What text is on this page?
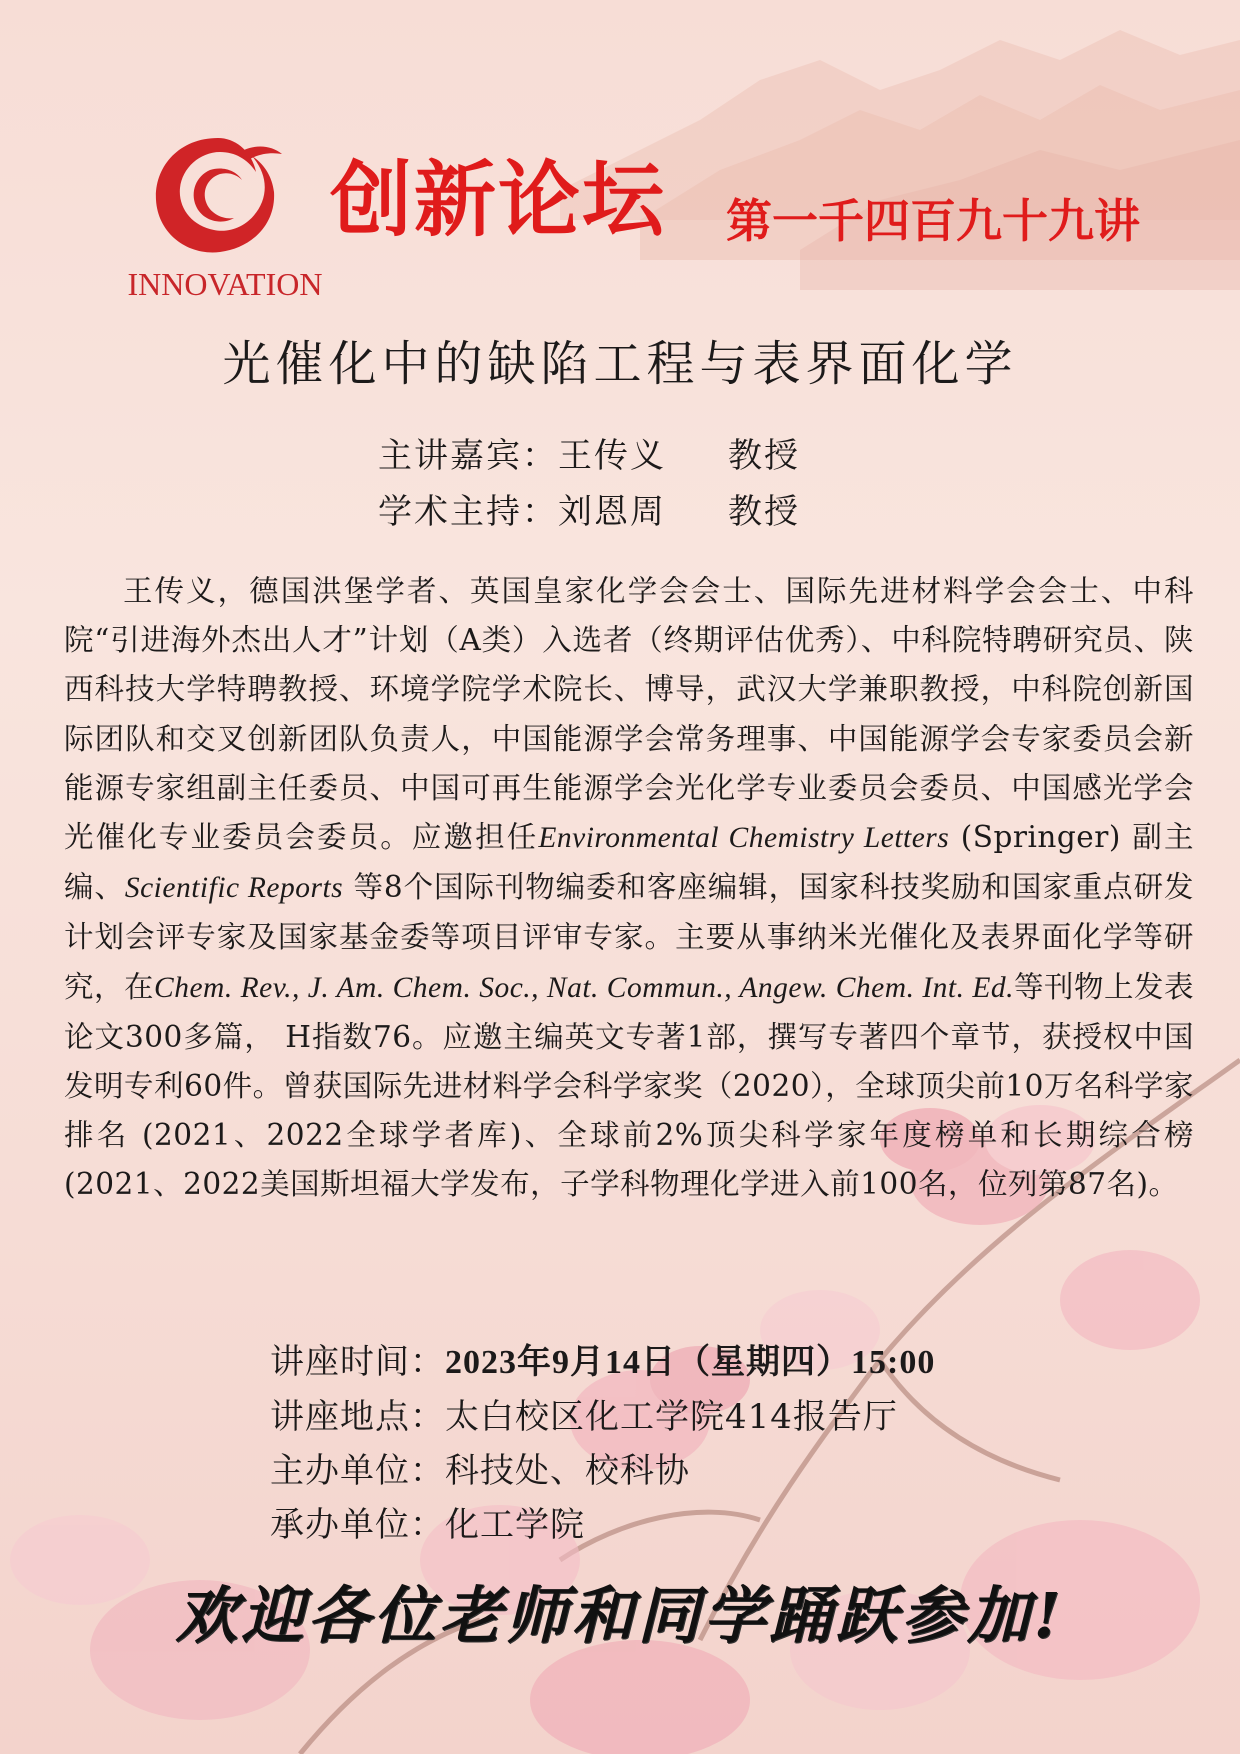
INNOVATION
创新论坛 第一千四百九十九讲
光催化中的缺陷工程与表界面化学
主讲嘉宾：王传义 教授
学术主持：刘恩周 教授

王传义，德国洪堡学者、英国皇家化学会会士、国际先进材料学会会士、中科院“引进海外杰出人才”计划（A类）入选者（终期评估优秀）、中科院特聘研究员、陕西科技大学特聘教授、环境学院学术院长、博导，武汉大学兼职教授，中科院创新国际团队和交叉创新团队负责人，中国能源学会常务理事、中国能源学会专家委员会新能源专家组副主任委员、中国可再生能源学会光化学专业委员会委员、中国感光学会光催化专业委员会委员。应邀担任Environmental Chemistry Letters (Springer) 副主编、Scientific Reports 等8个国际刊物编委和客座编辑，国家科技奖励和国家重点研发计划会评专家及国家基金委等项目评审专家。主要从事纳米光催化及表界面化学等研究，在Chem. Rev., J. Am. Chem. Soc., Nat. Commun., Angew. Chem. Int. Ed.等刊物上发表论文300多篇， H指数76。应邀主编英文专著1部，撰写专著四个章节，获授权中国发明专利60件。曾获国际先进材料学会科学家奖（2020），全球顶尖前10万名科学家排名 (2021、2022全球学者库)、全球前2%顶尖科学家年度榜单和长期综合榜 (2021、2022美国斯坦福大学发布，子学科物理化学进入前100名，位列第87名)。

讲座时间：2023年9月14日（星期四）15:00
讲座地点：太白校区化工学院414报告厅
主办单位：科技处、校科协
承办单位：化工学院
欢迎各位老师和同学踊跃参加!
